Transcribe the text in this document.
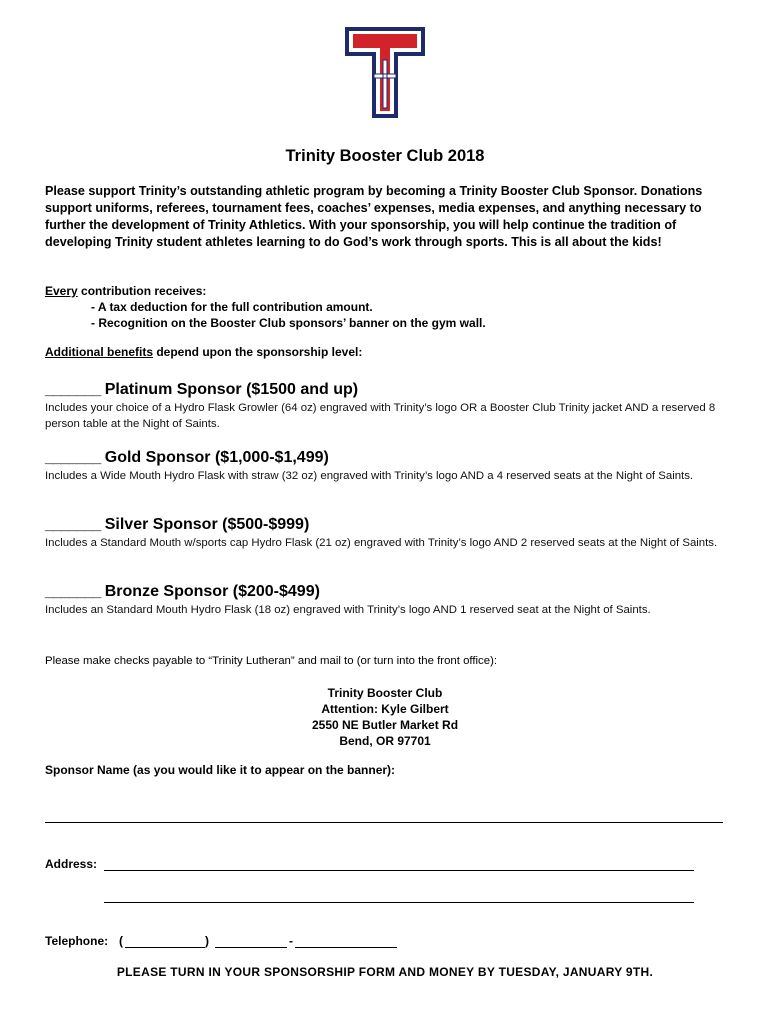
Trinity Booster Club 2018
Please support Trinity’s outstanding athletic program by becoming a Trinity Booster Club Sponsor. Donations support uniforms, referees, tournament fees, coaches’ expenses, media expenses, and anything necessary to further the development of Trinity Athletics. With your sponsorship, you will help continue the tradition of developing Trinity student athletes learning to do God’s work through sports. This is all about the kids!
Every contribution receives:
- A tax deduction for the full contribution amount.
- Recognition on the Booster Club sponsors’ banner on the gym wall.
Additional benefits depend upon the sponsorship level:
_______ Platinum Sponsor ($1500 and up)
Includes your choice of a Hydro Flask Growler (64 oz) engraved with Trinity’s logo OR a Booster Club Trinity jacket AND a reserved 8 person table at the Night of Saints.
_______ Gold Sponsor ($1,000-$1,499)
Includes a Wide Mouth Hydro Flask with straw (32 oz) engraved with Trinity’s logo AND a 4 reserved seats at the Night of Saints.
_______ Silver Sponsor ($500-$999)
Includes a Standard Mouth w/sports cap Hydro Flask (21 oz) engraved with Trinity’s logo AND 2 reserved seats at the Night of Saints.
_______ Bronze Sponsor ($200-$499)
Includes an Standard Mouth Hydro Flask (18 oz) engraved with Trinity’s logo AND 1 reserved seat at the Night of Saints.
Please make checks payable to “Trinity Lutheran” and mail to (or turn into the front office):
Trinity Booster Club
Attention: Kyle Gilbert
2550 NE Butler Market Rd
Bend, OR 97701
Sponsor Name (as you would like it to appear on the banner):
Address:
Telephone: (	)	-
PLEASE TURN IN YOUR SPONSORSHIP FORM AND MONEY BY TUESDAY, JANUARY 9TH.
